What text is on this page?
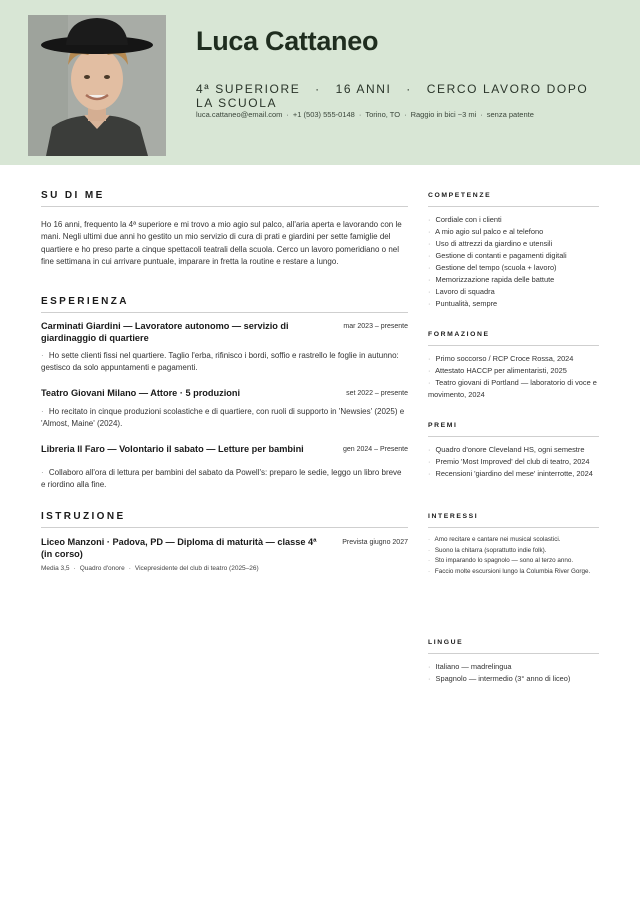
Luca Cattaneo
4ª SUPERIORE · 16 ANNI · CERCO LAVORO DOPO LA SCUOLA
luca.cattaneo@email.com · +1 (503) 555-0148 · Torino, TO · Raggio in bici ~3 mi · senza patente
SU DI ME

Ho 16 anni, frequento la 4ª superiore e mi trovo a mio agio sul palco, all'aria aperta e lavorando con le mani. Negli ultimi due anni ho gestito un mio servizio di cura di prati e giardini per sette famiglie del quartiere e ho preso parte a cinque spettacoli teatrali della scuola. Cerco un lavoro pomeridiano o nel fine settimana in cui arrivare puntuale, imparare in fretta la routine e restare a lungo.

ESPERIENZA
Carminati Giardini — Lavoratore autonomo — servizio di giardinaggio di quartiere
mar 2023 – presente

· Ho sette clienti fissi nel quartiere. Taglio l'erba, rifinisco i bordi, soffio e rastrello le foglie in autunno: gestisco da solo appuntamenti e pagamenti.

Teatro Giovani Milano — Attore · 5 produzioni	set 2022 – presente

· Ho recitato in cinque produzioni scolastiche e di quartiere, con ruoli di supporto in 'Newsies' (2025) e 'Almost, Maine' (2024).

Libreria Il Faro — Volontario il sabato — Letture per bambini	gen 2024 – Presente

· Collaboro all'ora di lettura per bambini del sabato da Powell's: preparo le sedie, leggo un libro breve e riordino alla fine.

ISTRUZIONE
Liceo Manzoni · Padova, PD — Diploma di maturità — classe 4ª (in corso)
Prevista giugno 2027
Media 3,5 · Quadro d'onore · Vicepresidente del club di teatro (2025–26)
COMPETENZE
· Cordiale con i clienti
· A mio agio sul palco e al telefono
· Uso di attrezzi da giardino e utensili
· Gestione di contanti e pagamenti digitali
· Gestione del tempo (scuola + lavoro)
· Memorizzazione rapida delle battute
· Lavoro di squadra
· Puntualità, sempre
FORMAZIONE
· Primo soccorso / RCP Croce Rossa, 2024
· Attestato HACCP per alimentaristi, 2025
· Teatro giovani di Portland — laboratorio di voce e movimento, 2024
PREMI
· Quadro d'onore Cleveland HS, ogni semestre
· Premio 'Most Improved' del club di teatro, 2024
· Recensioni 'giardino del mese' ininterrotte, 2024
INTERESSI
· Amo recitare e cantare nei musical scolastici.
· Suono la chitarra (soprattutto indie folk).
· Sto imparando lo spagnolo — sono al terzo anno.
· Faccio molte escursioni lungo la Columbia River Gorge.
LINGUE
· Italiano — madrelingua
· Spagnolo — intermedio (3° anno di liceo)
